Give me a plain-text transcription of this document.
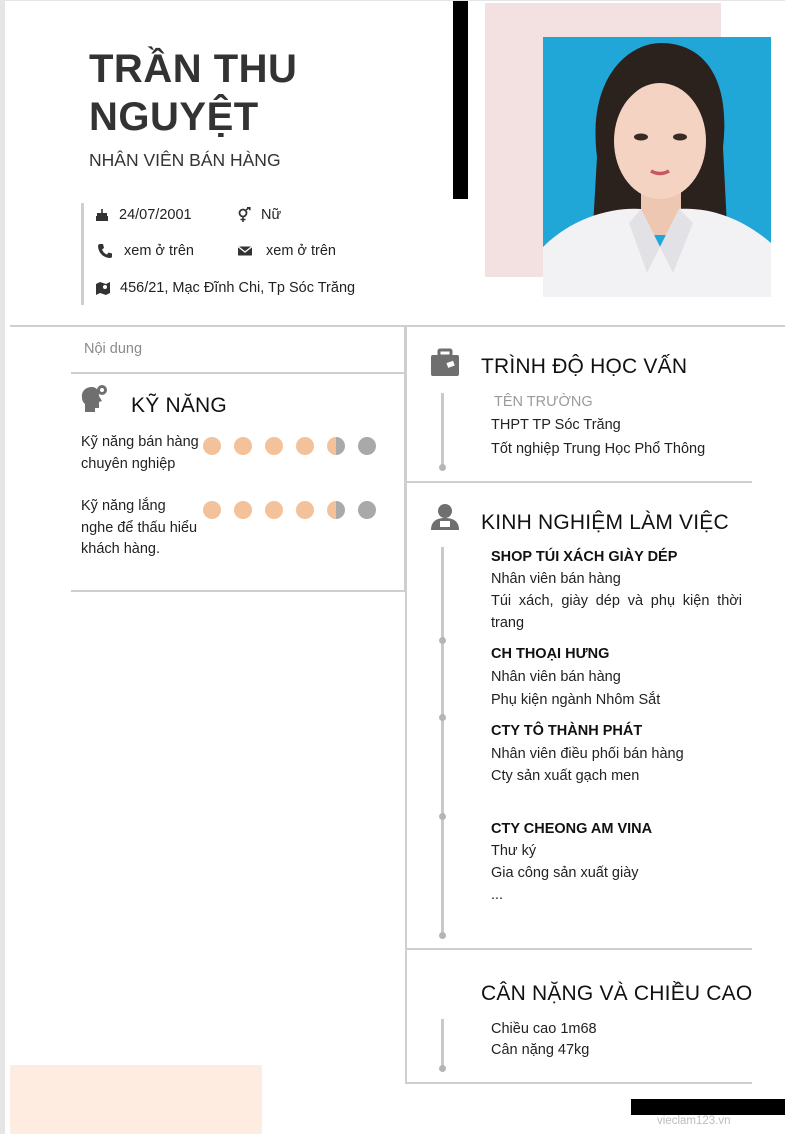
TRẦN THU
NGUYỆT
NHÂN VIÊN BÁN HÀNG
24/07/2001	Nữ
xem ở trên	xem ở trên
456/21, Mạc Đĩnh Chi, Tp Sóc Trăng
Nội dung
KỸ NĂNG
Kỹ năng bán hàng
chuyên nghiệp
Kỹ năng lắng
nghe để thấu hiểu
khách hàng.
TRÌNH ĐỘ HỌC VẤN
TÊN TRƯỜNG
THPT TP Sóc Trăng
Tốt nghiệp Trung Học Phổ Thông
KINH NGHIỆM LÀM VIỆC
SHOP TÚI XÁCH GIÀY DÉP
Nhân viên bán hàng
Túi xách, giày dép và phụ kiện thời trang
CH THOẠI HƯNG
Nhân viên bán hàng
Phụ kiện ngành Nhôm Sắt
CTY TÔ THÀNH PHÁT
Nhân viên điều phối bán hàng
Cty sản xuất gạch men
CTY CHEONG AM VINA
Thư ký
Gia công sản xuất giày
...
CÂN NẶNG VÀ CHIỀU CAO
Chiều cao 1m68
Cân nặng 47kg
vieclam123.vn
